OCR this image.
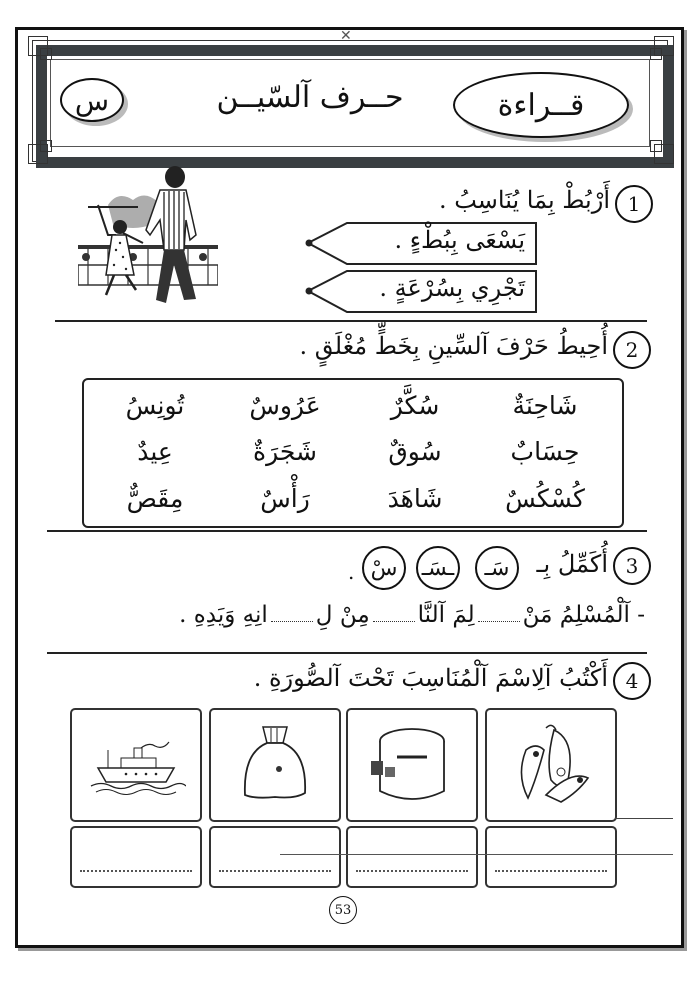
✕
قــراءة
حــرف آلسّيــن
س
1
أَرْبُطْ بِمَا يُنَاسِبُ .
يَسْعَى بِبُطْءٍ .
تَجْرِي بِسُرْعَةٍ .
2
أُحِيطُ حَرْفَ آلسِّينِ بِخَطٍّ مُغْلَقٍ .
شَاحِنَةٌ
سُكَّرٌ
عَرُوسٌ
تُونِسُ
حِسَابٌ
سُوقٌ
شَجَرَةٌ
عِيدٌ
كُسْكُسٌ
شَاهَدَ
رَأْسٌ
مِقَصٌّ
3
أُكَمِّلُ بِـ
سَـ
ـسَـ
سْ
.
- آلْمُسْلِمُ مَنْلِمَ آلنَّامِنْ لِانِهِ وَيَدِهِ .
4
أَكْتُبُ آلِاسْمَ آلْمُنَاسِبَ تَحْتَ آلصُّورَةِ .
53
